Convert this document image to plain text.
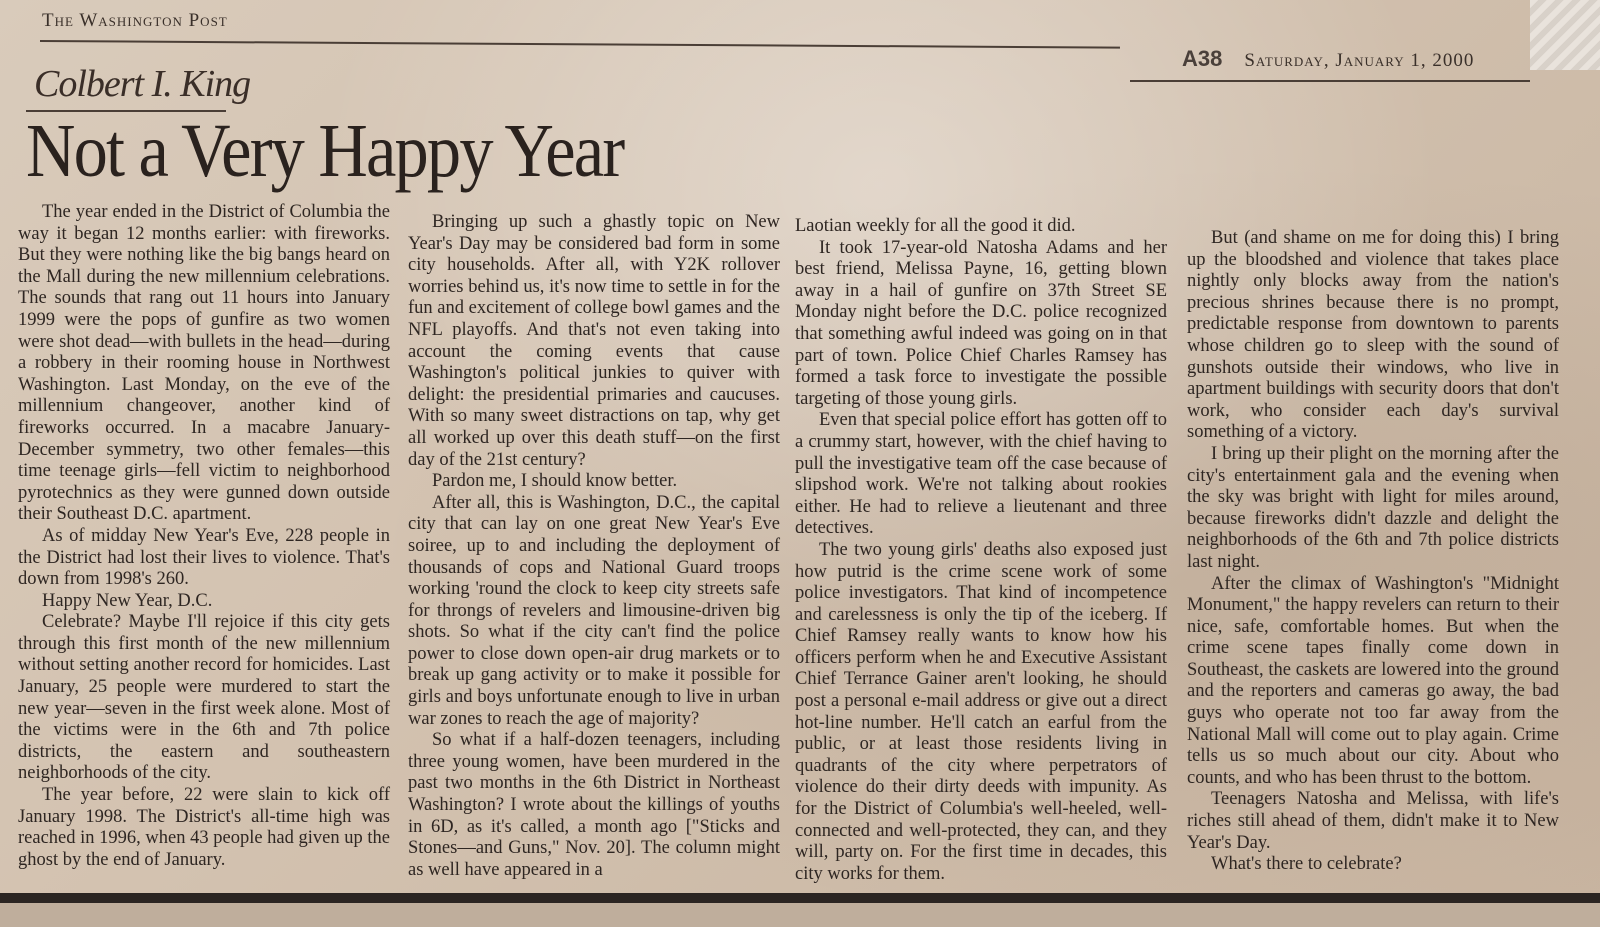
The Washington Post
A38 Saturday, January 1, 2000
Colbert I. King
Not a Very Happy Year

The year ended in the District of Columbia the way it began 12 months earlier: with fireworks. But they were nothing like the big bangs heard on the Mall during the new millennium celebrations. The sounds that rang out 11 hours into January 1999 were the pops of gunfire as two women were shot dead—with bullets in the head—during a robbery in their rooming house in Northwest Washington. Last Monday, on the eve of the millennium changeover, another kind of fireworks occurred. In a macabre January-December symmetry, two other females—this time teenage girls—fell victim to neighborhood pyrotechnics as they were gunned down outside their Southeast D.C. apartment.

As of midday New Year's Eve, 228 people in the District had lost their lives to violence. That's down from 1998's 260.

Happy New Year, D.C.

Celebrate? Maybe I'll rejoice if this city gets through this first month of the new millennium without setting another record for homicides. Last January, 25 people were murdered to start the new year—seven in the first week alone. Most of the victims were in the 6th and 7th police districts, the eastern and southeastern neighborhoods of the city.

The year before, 22 were slain to kick off January 1998. The District's all-time high was reached in 1996, when 43 people had given up the ghost by the end of January.

Bringing up such a ghastly topic on New Year's Day may be considered bad form in some city households. After all, with Y2K rollover worries behind us, it's now time to settle in for the fun and excitement of college bowl games and the NFL playoffs. And that's not even taking into account the coming events that cause Washington's political junkies to quiver with delight: the presidential primaries and caucuses. With so many sweet distractions on tap, why get all worked up over this death stuff—on the first day of the 21st century?

Pardon me, I should know better.

After all, this is Washington, D.C., the capital city that can lay on one great New Year's Eve soiree, up to and including the deployment of thousands of cops and National Guard troops working 'round the clock to keep city streets safe for throngs of revelers and limousine-driven big shots. So what if the city can't find the police power to close down open-air drug markets or to break up gang activity or to make it possible for girls and boys unfortunate enough to live in urban war zones to reach the age of majority?

So what if a half-dozen teenagers, including three young women, have been murdered in the past two months in the 6th District in Northeast Washington? I wrote about the killings of youths in 6D, as it's called, a month ago ["Sticks and Stones—and Guns," Nov. 20]. The column might as well have appeared in a

Laotian weekly for all the good it did.

It took 17-year-old Natosha Adams and her best friend, Melissa Payne, 16, getting blown away in a hail of gunfire on 37th Street SE Monday night before the D.C. police recognized that something awful indeed was going on in that part of town. Police Chief Charles Ramsey has formed a task force to investigate the possible targeting of those young girls.

Even that special police effort has gotten off to a crummy start, however, with the chief having to pull the investigative team off the case because of slipshod work. We're not talking about rookies either. He had to relieve a lieutenant and three detectives.

The two young girls' deaths also exposed just how putrid is the crime scene work of some police investigators. That kind of incompetence and carelessness is only the tip of the iceberg. If Chief Ramsey really wants to know how his officers perform when he and Executive Assistant Chief Terrance Gainer aren't looking, he should post a personal e-mail address or give out a direct hot-line number. He'll catch an earful from the public, or at least those residents living in quadrants of the city where perpetrators of violence do their dirty deeds with impunity. As for the District of Columbia's well-heeled, well-connected and well-protected, they can, and they will, party on. For the first time in decades, this city works for them.

But (and shame on me for doing this) I bring up the bloodshed and violence that takes place nightly only blocks away from the nation's precious shrines because there is no prompt, predictable response from downtown to parents whose children go to sleep with the sound of gunshots outside their windows, who live in apartment buildings with security doors that don't work, who consider each day's survival something of a victory.

I bring up their plight on the morning after the city's entertainment gala and the evening when the sky was bright with light for miles around, because fireworks didn't dazzle and delight the neighborhoods of the 6th and 7th police districts last night.

After the climax of Washington's "Midnight Monument," the happy revelers can return to their nice, safe, comfortable homes. But when the crime scene tapes finally come down in Southeast, the caskets are lowered into the ground and the reporters and cameras go away, the bad guys who operate not too far away from the National Mall will come out to play again. Crime tells us so much about our city. About who counts, and who has been thrust to the bottom.

Teenagers Natosha and Melissa, with life's riches still ahead of them, didn't make it to New Year's Day.

What's there to celebrate?
